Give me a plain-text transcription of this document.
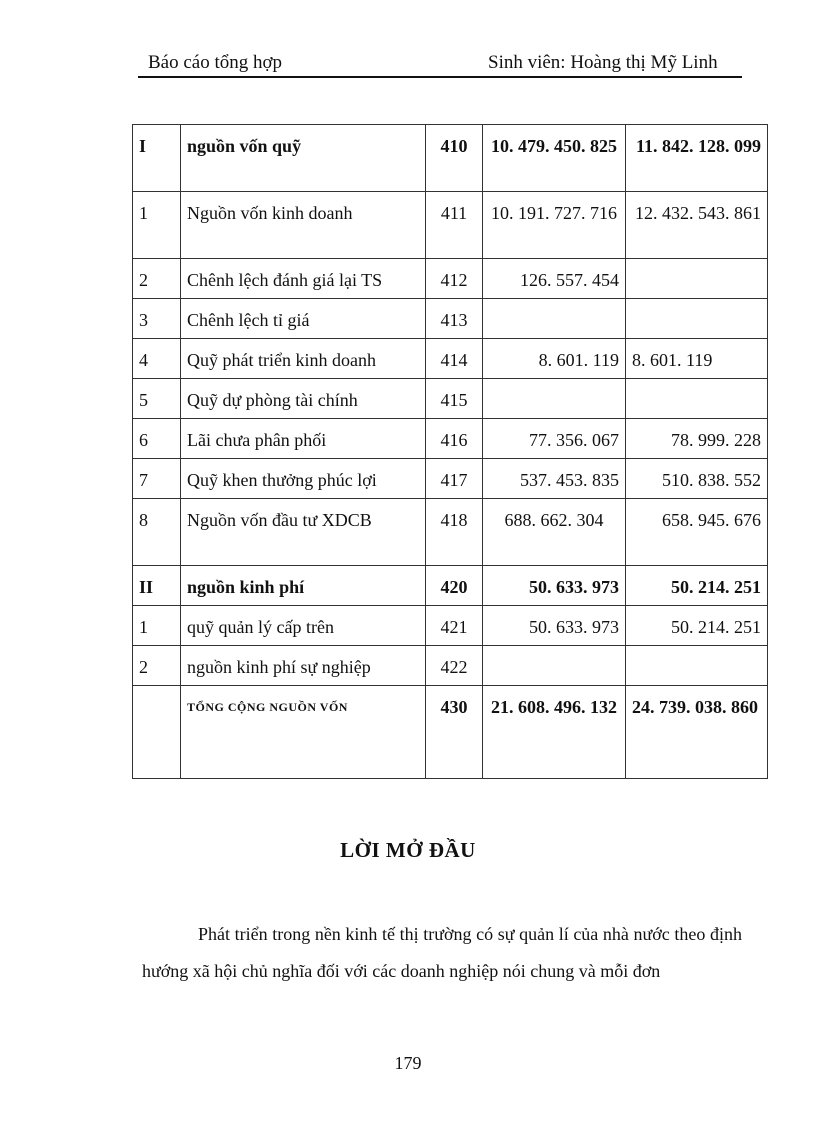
Báo cáo tổng hợp	Sinh viên: Hoàng thị Mỹ Linh
I	nguồn vốn quỹ	410	10. 479. 450. 825	11. 842. 128. 099
1	Nguồn vốn kinh doanh	411	10. 191. 727. 716	12. 432. 543. 861
2	Chênh lệch đánh giá lại TS	412	126. 557. 454	
3	Chênh lệch tỉ giá	413		
4	Quỹ phát triển kinh doanh	414	8. 601. 119	8. 601. 119
5	Quỹ dự phòng tài chính	415		
6	Lãi chưa phân phối	416	77. 356. 067	78. 999. 228
7	Quỹ khen thưởng phúc lợi	417	537. 453. 835	510. 838. 552
8	Nguồn vốn đầu tư XDCB	418	688. 662. 304	658. 945. 676
II	nguồn kinh phí	420	50. 633. 973	50. 214. 251
1	quỹ quản lý cấp trên	421	50. 633. 973	50. 214. 251
2	nguồn kinh phí sự nghiệp	422		
	TỔNG CỘNG NGUỒN VỐN	430	21. 608. 496. 132	24. 739. 038. 860
LỜI MỞ ĐẦU
Phát triển trong nền kinh tế thị trường có sự quản lí của nhà nước theo định hướng xã hội chủ nghĩa đối với các doanh nghiệp nói chung và mỗi đơn
179
